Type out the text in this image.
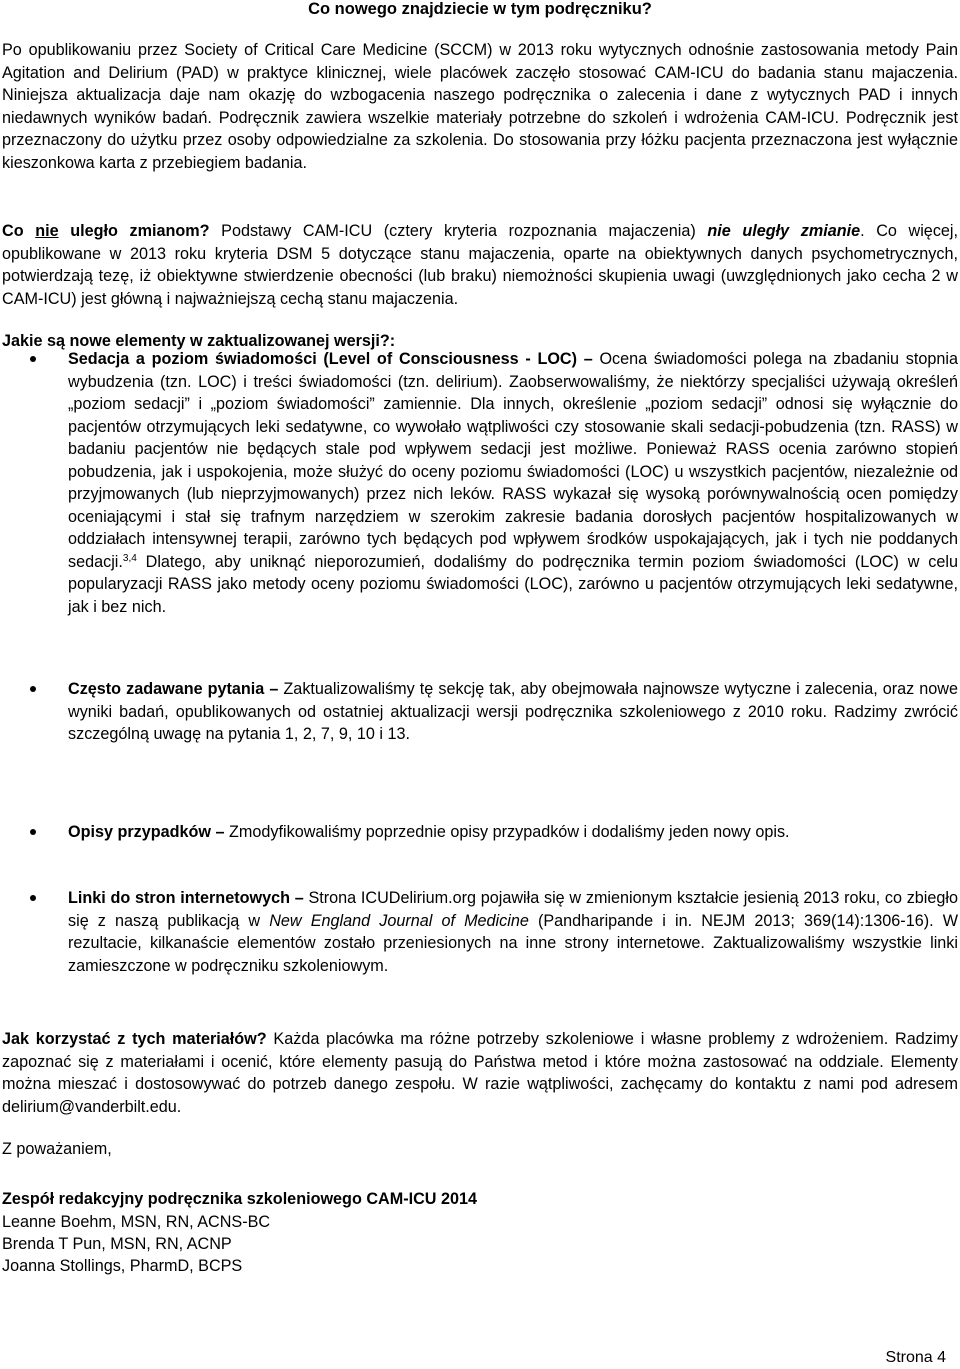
Co nowego znajdziecie w tym podręczniku?

Po opublikowaniu przez Society of Critical Care Medicine (SCCM) w 2013 roku wytycznych odnośnie zastosowania metody Pain Agitation and Delirium (PAD) w praktyce klinicznej, wiele placówek zaczęło stosować CAM-ICU do badania stanu majaczenia. Niniejsza aktualizacja daje nam okazję do wzbogacenia naszego podręcznika o zalecenia i dane z wytycznych PAD i innych niedawnych wyników badań. Podręcznik zawiera wszelkie materiały potrzebne do szkoleń i wdrożenia CAM-ICU. Podręcznik jest przeznaczony do użytku przez osoby odpowiedzialne za szkolenia. Do stosowania przy łóżku pacjenta przeznaczona jest wyłącznie kieszonkowa karta z przebiegiem badania.

Co nie uległo zmianom? Podstawy CAM-ICU (cztery kryteria rozpoznania majaczenia) nie uległy zmianie. Co więcej, opublikowane w 2013 roku kryteria DSM 5 dotyczące stanu majaczenia, oparte na obiektywnych danych psychometrycznych, potwierdzają tezę, iż obiektywne stwierdzenie obecności (lub braku) niemożności skupienia uwagi (uwzględnionych jako cecha 2 w CAM-ICU) jest główną i najważniejszą cechą stanu majaczenia.

Jakie są nowe elementy w zaktualizowanej wersji?:

Sedacja a poziom świadomości (Level of Consciousness - LOC) – Ocena świadomości polega na zbadaniu stopnia wybudzenia (tzn. LOC) i treści świadomości (tzn. delirium). Zaobserwowaliśmy, że niektórzy specjaliści używają określeń „poziom sedacji” i „poziom świadomości” zamiennie. Dla innych, określenie „poziom sedacji” odnosi się wyłącznie do pacjentów otrzymujących leki sedatywne, co wywołało wątpliwości czy stosowanie skali sedacji-pobudzenia (tzn. RASS) w badaniu pacjentów nie będących stale pod wpływem sedacji jest możliwe. Ponieważ RASS ocenia zarówno stopień pobudzenia, jak i uspokojenia, może służyć do oceny poziomu świadomości (LOC) u wszystkich pacjentów, niezależnie od przyjmowanych (lub nieprzyjmowanych) przez nich leków. RASS wykazał się wysoką porównywalnością ocen pomiędzy oceniającymi i stał się trafnym narzędziem w szerokim zakresie badania dorosłych pacjentów hospitalizowanych w oddziałach intensywnej terapii, zarówno tych będących pod wpływem środków uspokajających, jak i tych nie poddanych sedacji.$^{3,4}$ Dlatego, aby uniknąć nieporozumień, dodaliśmy do podręcznika termin poziom świadomości (LOC) w celu popularyzacji RASS jako metody oceny poziomu świadomości (LOC), zarówno u pacjentów otrzymujących leki sedatywne, jak i bez nich.

Często zadawane pytania – Zaktualizowaliśmy tę sekcję tak, aby obejmowała najnowsze wytyczne i zalecenia, oraz nowe wyniki badań, opublikowanych od ostatniej aktualizacji wersji podręcznika szkoleniowego z 2010 roku. Radzimy zwrócić szczególną uwagę na pytania 1, 2, 7, 9, 10 i 13.

Opisy przypadków – Zmodyfikowaliśmy poprzednie opisy przypadków i dodaliśmy jeden nowy opis.

Linki do stron internetowych – Strona ICUDelirium.org pojawiła się w zmienionym kształcie jesienią 2013 roku, co zbiegło się z naszą publikacją w New England Journal of Medicine (Pandharipande i in. NEJM 2013; 369(14):1306-16). W rezultacie, kilkanaście elementów zostało przeniesionych na inne strony internetowe. Zaktualizowaliśmy wszystkie linki zamieszczone w podręczniku szkoleniowym.

Jak korzystać z tych materiałów? Każda placówka ma różne potrzeby szkoleniowe i własne problemy z wdrożeniem. Radzimy zapoznać się z materiałami i ocenić, które elementy pasują do Państwa metod i które można zastosować na oddziale. Elementy można mieszać i dostosowywać do potrzeb danego zespołu. W razie wątpliwości, zachęcamy do kontaktu z nami pod adresem delirium@vanderbilt.edu.

Z poważaniem,

Zespół redakcyjny podręcznika szkoleniowego CAM-ICU 2014

Leanne Boehm, MSN, RN, ACNS-BC

Brenda T Pun, MSN, RN, ACNP

Joanna Stollings, PharmD, BCPS

Strona 4
